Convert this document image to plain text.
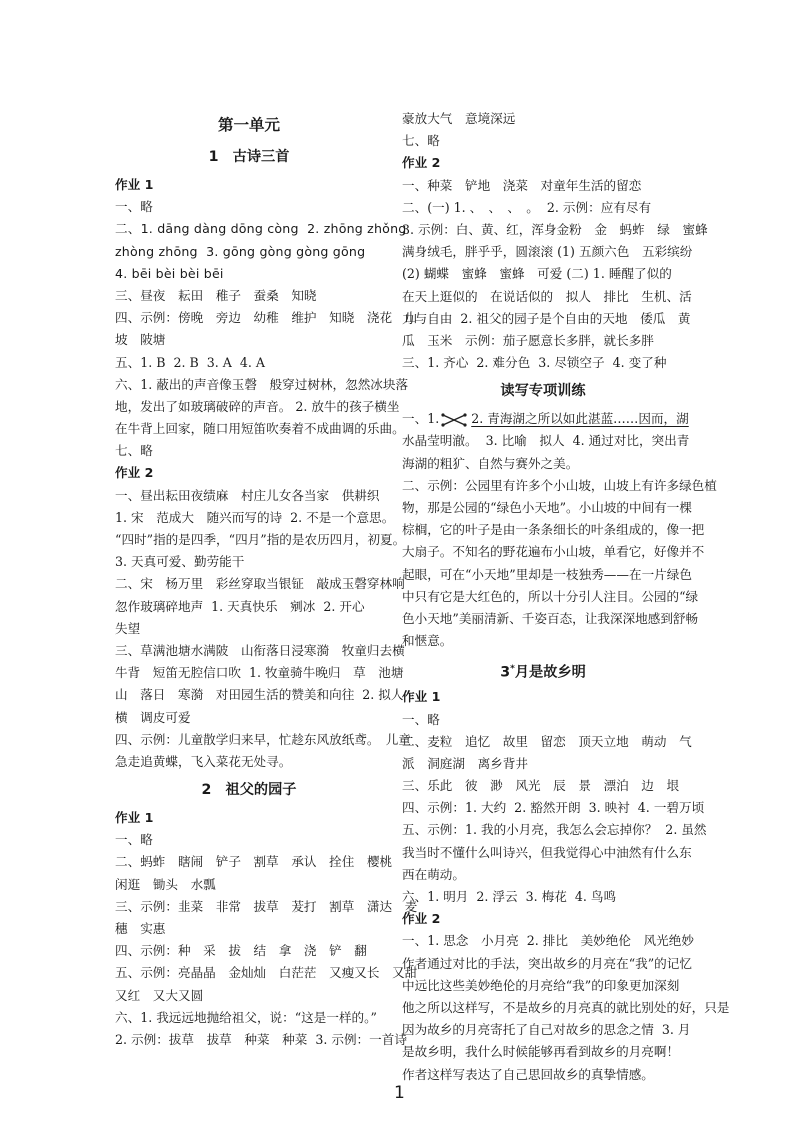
第一单元
1　古诗三首
作业 1
一、略
二、1. dāng dàng dōng còng  2. zhōng zhǒng
zhòng zhōng  3. gōng gòng gòng gōng
4. bēi bèi bèi bēi
三、昼夜　耘田　稚子　蚕桑　知晓
四、示例：傍晚　旁边　幼稚　维护　知晓　浇花　山
坡　陂塘
五、1. B  2. B  3. A  4. A
六、1. 蔽出的声音像玉磬　般穿过树林，忽然冰块落
地，发出了如玻璃破碎的声音。 2. 放牛的孩子横坐
在牛背上回家，随口用短笛吹奏着不成曲调的乐曲。
七、略
作业 2
一、昼出耘田夜绩麻　村庄儿女各当家　供耕织
1. 宋　范成大　随兴而写的诗  2. 不是一个意思。
“四时”指的是四季，“四月”指的是农历四月，初夏。
3. 天真可爱、勤劳能干
二、宋　杨万里　彩丝穿取当银钲　敲成玉磬穿林响
忽作玻璃碎地声  1. 天真快乐　剜冰  2. 开心
失望
三、草满池塘水满陂　山衔落日浸寒漪　牧童归去横
牛背　短笛无腔信口吹  1. 牧童骑牛晚归　草　池塘
山　落日　寒漪　对田园生活的赞美和向往  2. 拟人
横　调皮可爱
四、示例：儿童散学归来早，忙趁东风放纸鸢。　儿童
急走追黄蝶，飞入菜花无处寻。
2　祖父的园子
作业 1
一、略
二、蚂蚱　瞎闹　铲子　割草　承认　拴住　樱桃
闲逛　锄头　水瓢
三、示例：韭菜　非常　拔草　茇打　割草　潇达　麦
穗　实惠
四、示例：种　采　拔　结　拿　浇　铲　翻
五、示例：亮晶晶　金灿灿　白茫茫　又瘦又长　又甜
又红　又大又圆
六、1. 我远远地抛给祖父，说：“这是一样的。”
2. 示例：拔草　拔草　种菜　种菜  3. 示例：一首诗
豪放大气　意境深远
七、略
作业 2
一、种菜　铲地　浇菜　对童年生活的留恋
二、(一) 1. 、　、　、　。  2. 示例：应有尽有
3. 示例：白、黄、红，浑身金粉　金　蚂蚱　绿　蜜蜂
满身绒毛，胖乎乎，圆滚滚 (1) 五颜六色　五彩缤纷
(2) 蝴蝶　蜜蜂　蜜蜂　可爱 (二) 1. 睡醒了似的
在天上逛似的　在说话似的　拟人　排比　生机、活
力与自由  2. 祖父的园子是个自由的天地　倭瓜　黄
瓜　玉米　示例：茄子愿意长多胖，就长多胖
三、1. 齐心  2. 难分色  3. 尽锁空子  4. 变了种
读写专项训练
一、1.	2. 青海湖之所以如此湛蓝……因而，湖
水晶莹明澈。  3. 比喻　拟人  4. 通过对比，突出青
海湖的粗犷、自然与赛外之美。
二、示例：公园里有许多个小山坡，山坡上有许多绿色植
物，那是公园的“绿色小天地”。小山坡的中间有一棵
棕榈，它的叶子是由一条条细长的叶条组成的，像一把
大扇子。不知名的野花遍布小山坡，单看它，好像并不
起眼，可在“小天地”里却是一枝独秀——在一片绿色
中只有它是大红色的，所以十分引人注目。公园的“绿
色小天地”美丽清新、千姿百态，让我深深地感到舒畅
和惬意。
3*月是故乡明
作业 1
一、略
二、麦粒　追忆　故里　留恋　顶天立地　萌动　气
派　洞庭湖　离乡背井
三、乐此　彼　渺　风光　辰　景　漂泊　边　垠
四、示例：1. 大约  2. 豁然开朗  3. 映衬  4. 一碧万顷
五、示例：1. 我的小月亮，我怎么会忘掉你？  2. 虽然
我当时不懂什么叫诗兴，但我觉得心中油然有什么东
西在萌动。
六、1. 明月  2. 浮云  3. 梅花  4. 鸟鸣
作业 2
一、1. 思念　小月亮  2. 排比　美妙绝伦　风光绝妙
作者通过对比的手法，突出故乡的月亮在“我”的记忆
中远比这些美妙绝伦的月亮给“我”的印象更加深刻
他之所以这样写，不是故乡的月亮真的就比别处的好，只是
因为故乡的月亮寄托了自己对故乡的思念之情  3. 月
是故乡明，我什么时候能够再看到故乡的月亮啊！
作者这样写表达了自己思回故乡的真挚情感。
1
